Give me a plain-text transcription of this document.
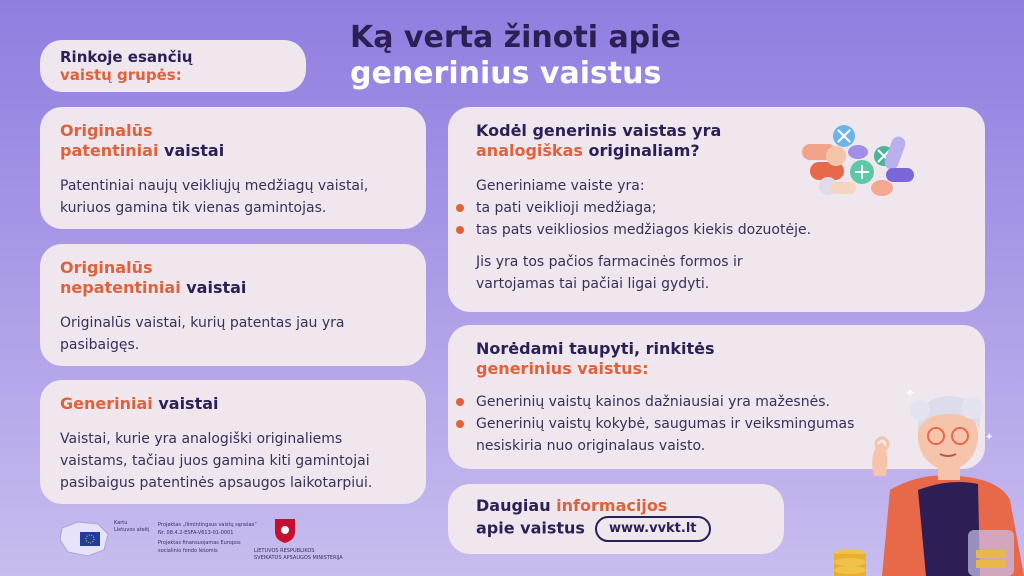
Ką verta žinoti apie
generinius vaistus
Rinkoje esančių
vaistų grupės:
Originalūs
patentiniai vaistai
Patentiniai naujų veikliųjų medžiagų vaistai, kuriuos gamina tik vienas gamintojas.
Originalūs
nepatentiniai vaistai
Originalūs vaistai, kurių patentas jau yra pasibaigęs.
Generiniai vaistai
Vaistai, kurie yra analogiški originaliems vaistams, tačiau juos gamina kiti gamintojai pasibaigus patentinės apsaugos laikotarpiui.
Kodėl generinis vaistas yra
analogiškas originaliam?
Generiniame vaiste yra:
ta pati veiklioji medžiaga;
tas pats veikliosios medžiagos kiekis dozuotėje.
Jis yra tos pačios farmacinės formos ir vartojamas tai pačiai ligai gydyti.
Norėdami taupyti, rinkitės
generinius vaistus:
Generinių vaistų kainos dažniausiai yra mažesnės.
Generinių vaistų kokybė, saugumas ir veiksmingumas nesiskiria nuo originalaus vaisto.
Daugiau informacijos
apie vaistus www.vvkt.lt
Kartu
Lietuvos ateitį
Projektas „Ilimintingsus vaistų sąrašas“
Nr. 08.4.2-ESFA-V613-01-0001
Projektas finansuojamas Europos
socialinio fondo lėšomis	LIETUVOS RESPUBLIKOS
SVEIKATOS APSAUGOS MINISTERIJA
✦
✦
